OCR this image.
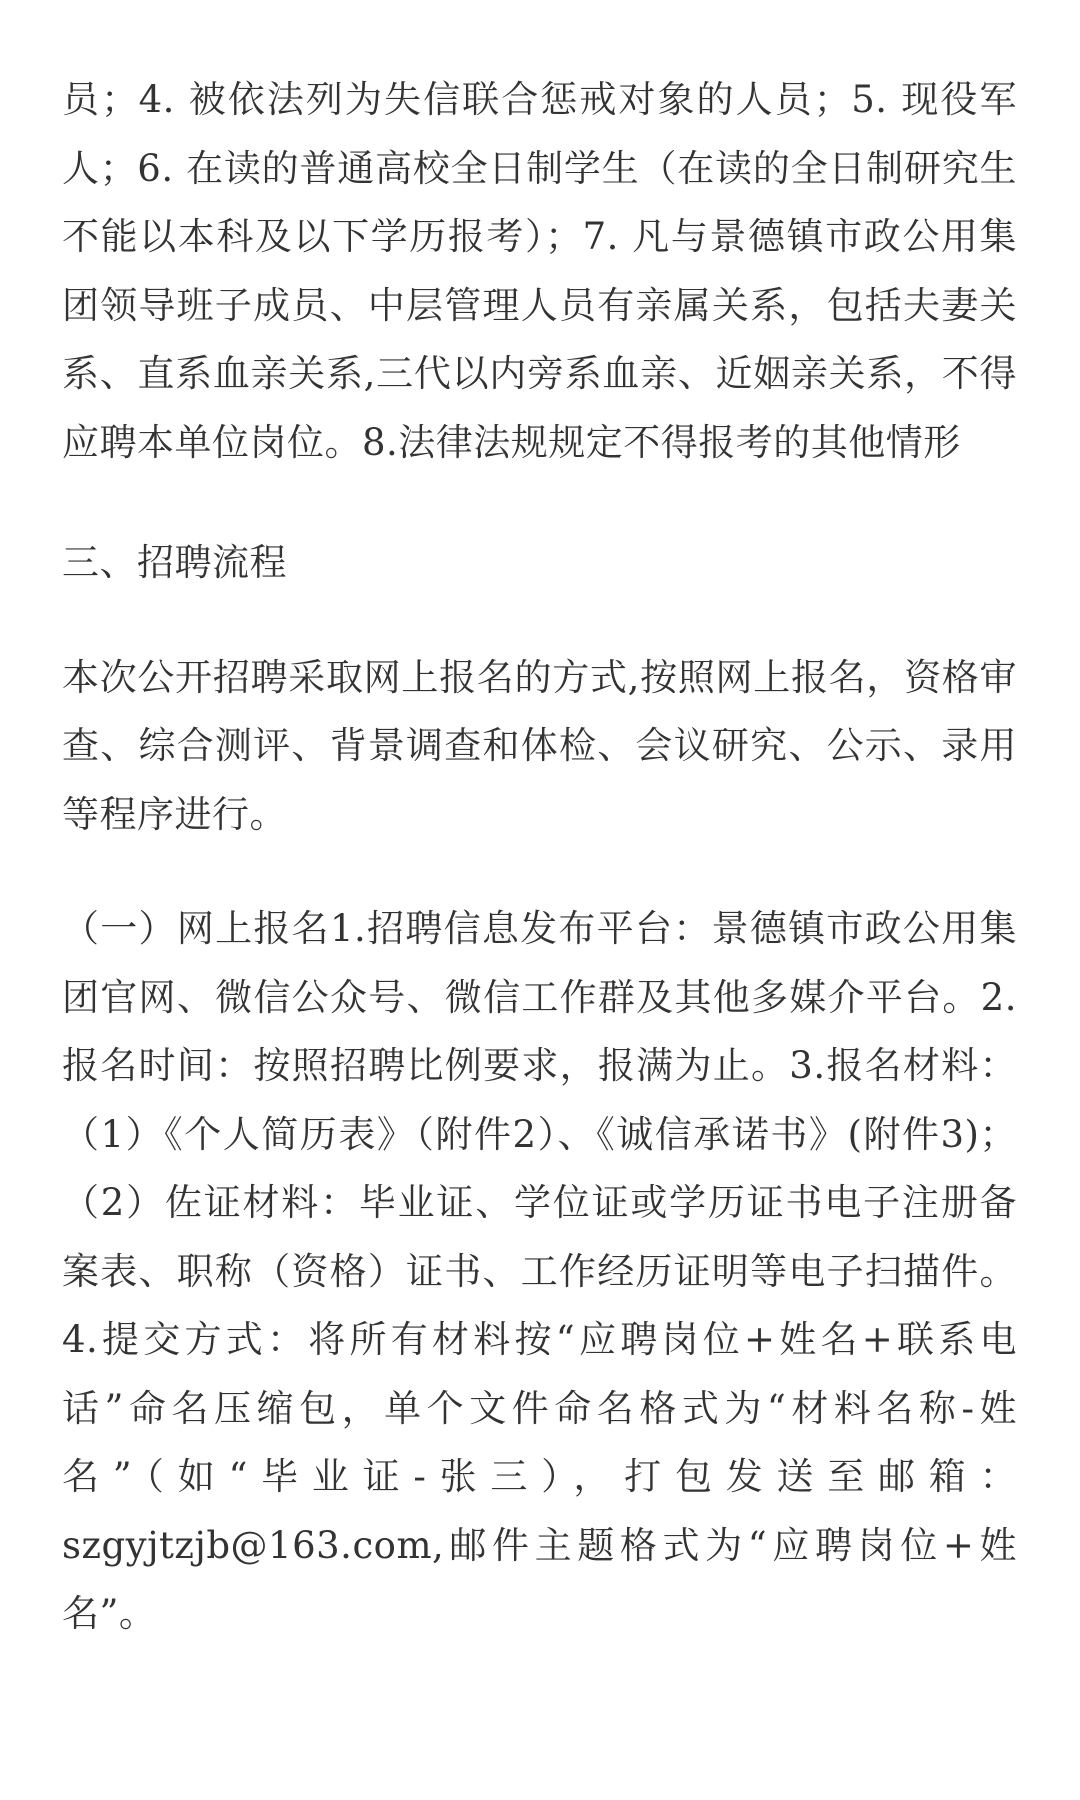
员；4. 被依法列为失信联合惩戒对象的人员；5. 现役军人；6. 在读的普通高校全日制学生（在读的全日制研究生不能以本科及以下学历报考）；7. 凡与景德镇市政公用集团领导班子成员、中层管理人员有亲属关系，包括夫妻关系、直系血亲关系,三代以内旁系血亲、近姻亲关系，不得应聘本单位岗位。8.法律法规规定不得报考的其他情形

三、招聘流程

本次公开招聘采取网上报名的方式,按照网上报名，资格审查、综合测评、背景调查和体检、会议研究、公示、录用等程序进行。

（一）网上报名1.招聘信息发布平台：景德镇市政公用集团官网、微信公众号、微信工作群及其他多媒介平台。2.报名时间：按照招聘比例要求，报满为止。3.报名材料：（1）《个人简历表》（附件2）、《诚信承诺书》(附件3)；（2）佐证材料：毕业证、学位证或学历证书电子注册备案表、职称（资格）证书、工作经历证明等电子扫描件。4.提交方式：将所有材料按“应聘岗位+姓名+联系电话”命名压缩包，单个文件命名格式为“材料名称-姓名”（如“毕业证-张三），打包发送至邮箱：szgyjtzjb@163.com,邮件主题格式为“应聘岗位+姓名”。
